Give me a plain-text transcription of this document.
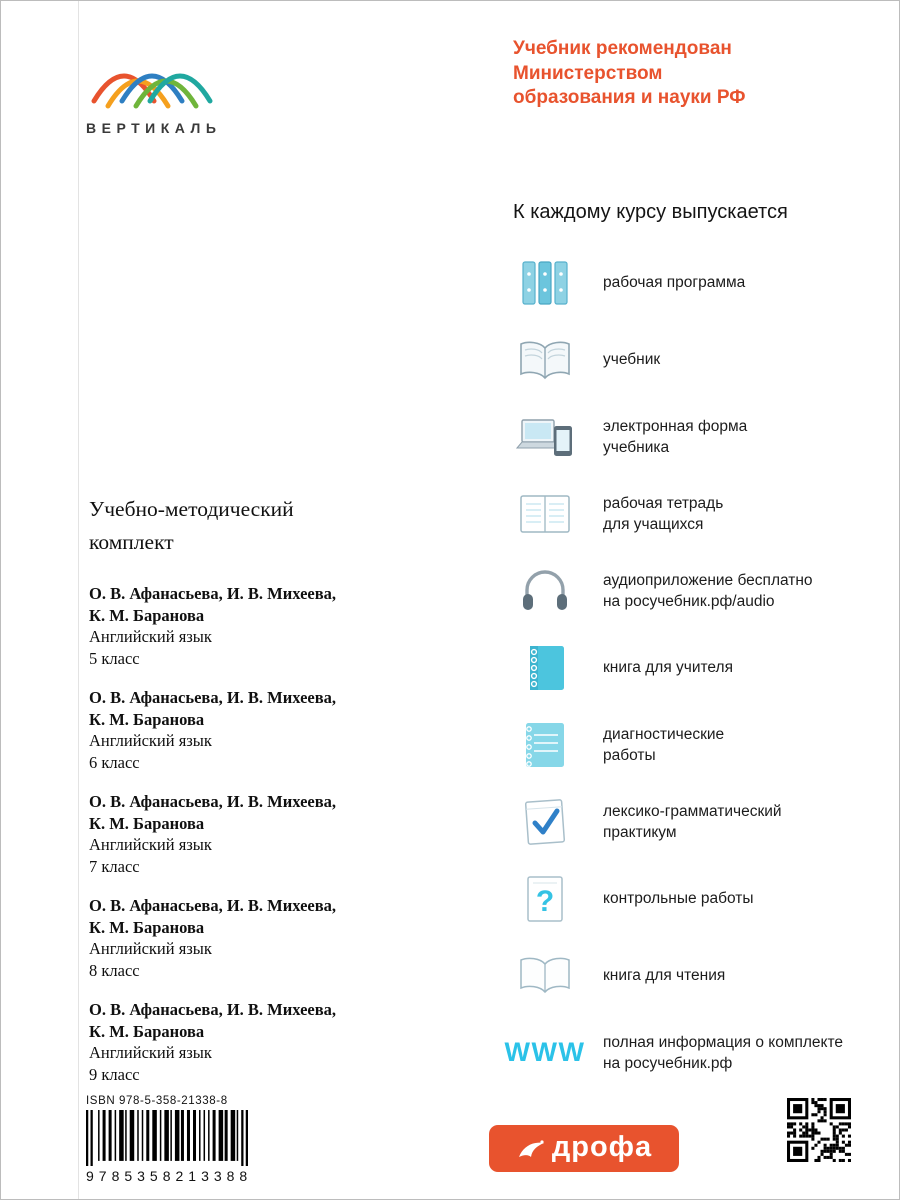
ВЕРТИКАЛЬ
Учебник рекомендован
Министерством
образования и науки РФ
К каждому курсу выпускается
рабочая программа
учебник
электронная форма
учебника
рабочая тетрадь
для учащихся
аудиоприложение бесплатно
на росучебник.рф/audio
книга для учителя
диагностические
работы
лексико-грамматический
практикум
?	контрольные работы
книга для чтения
WWW полная информация о комплекте
на росучебник.рф
Учебно-методический
комплект
О. В. Афанасьева, И. В. Михеева,
К. М. Баранова
Английский язык
5 класс
О. В. Афанасьева, И. В. Михеева,
К. М. Баранова
Английский язык
6 класс
О. В. Афанасьева, И. В. Михеева,
К. М. Баранова
Английский язык
7 класс
О. В. Афанасьева, И. В. Михеева,
К. М. Баранова
Английский язык
8 класс
О. В. Афанасьева, И. В. Михеева,
К. М. Баранова
Английский язык
9 класс
ISBN 978-5-358-21338-8
9785358213388
дрофа
